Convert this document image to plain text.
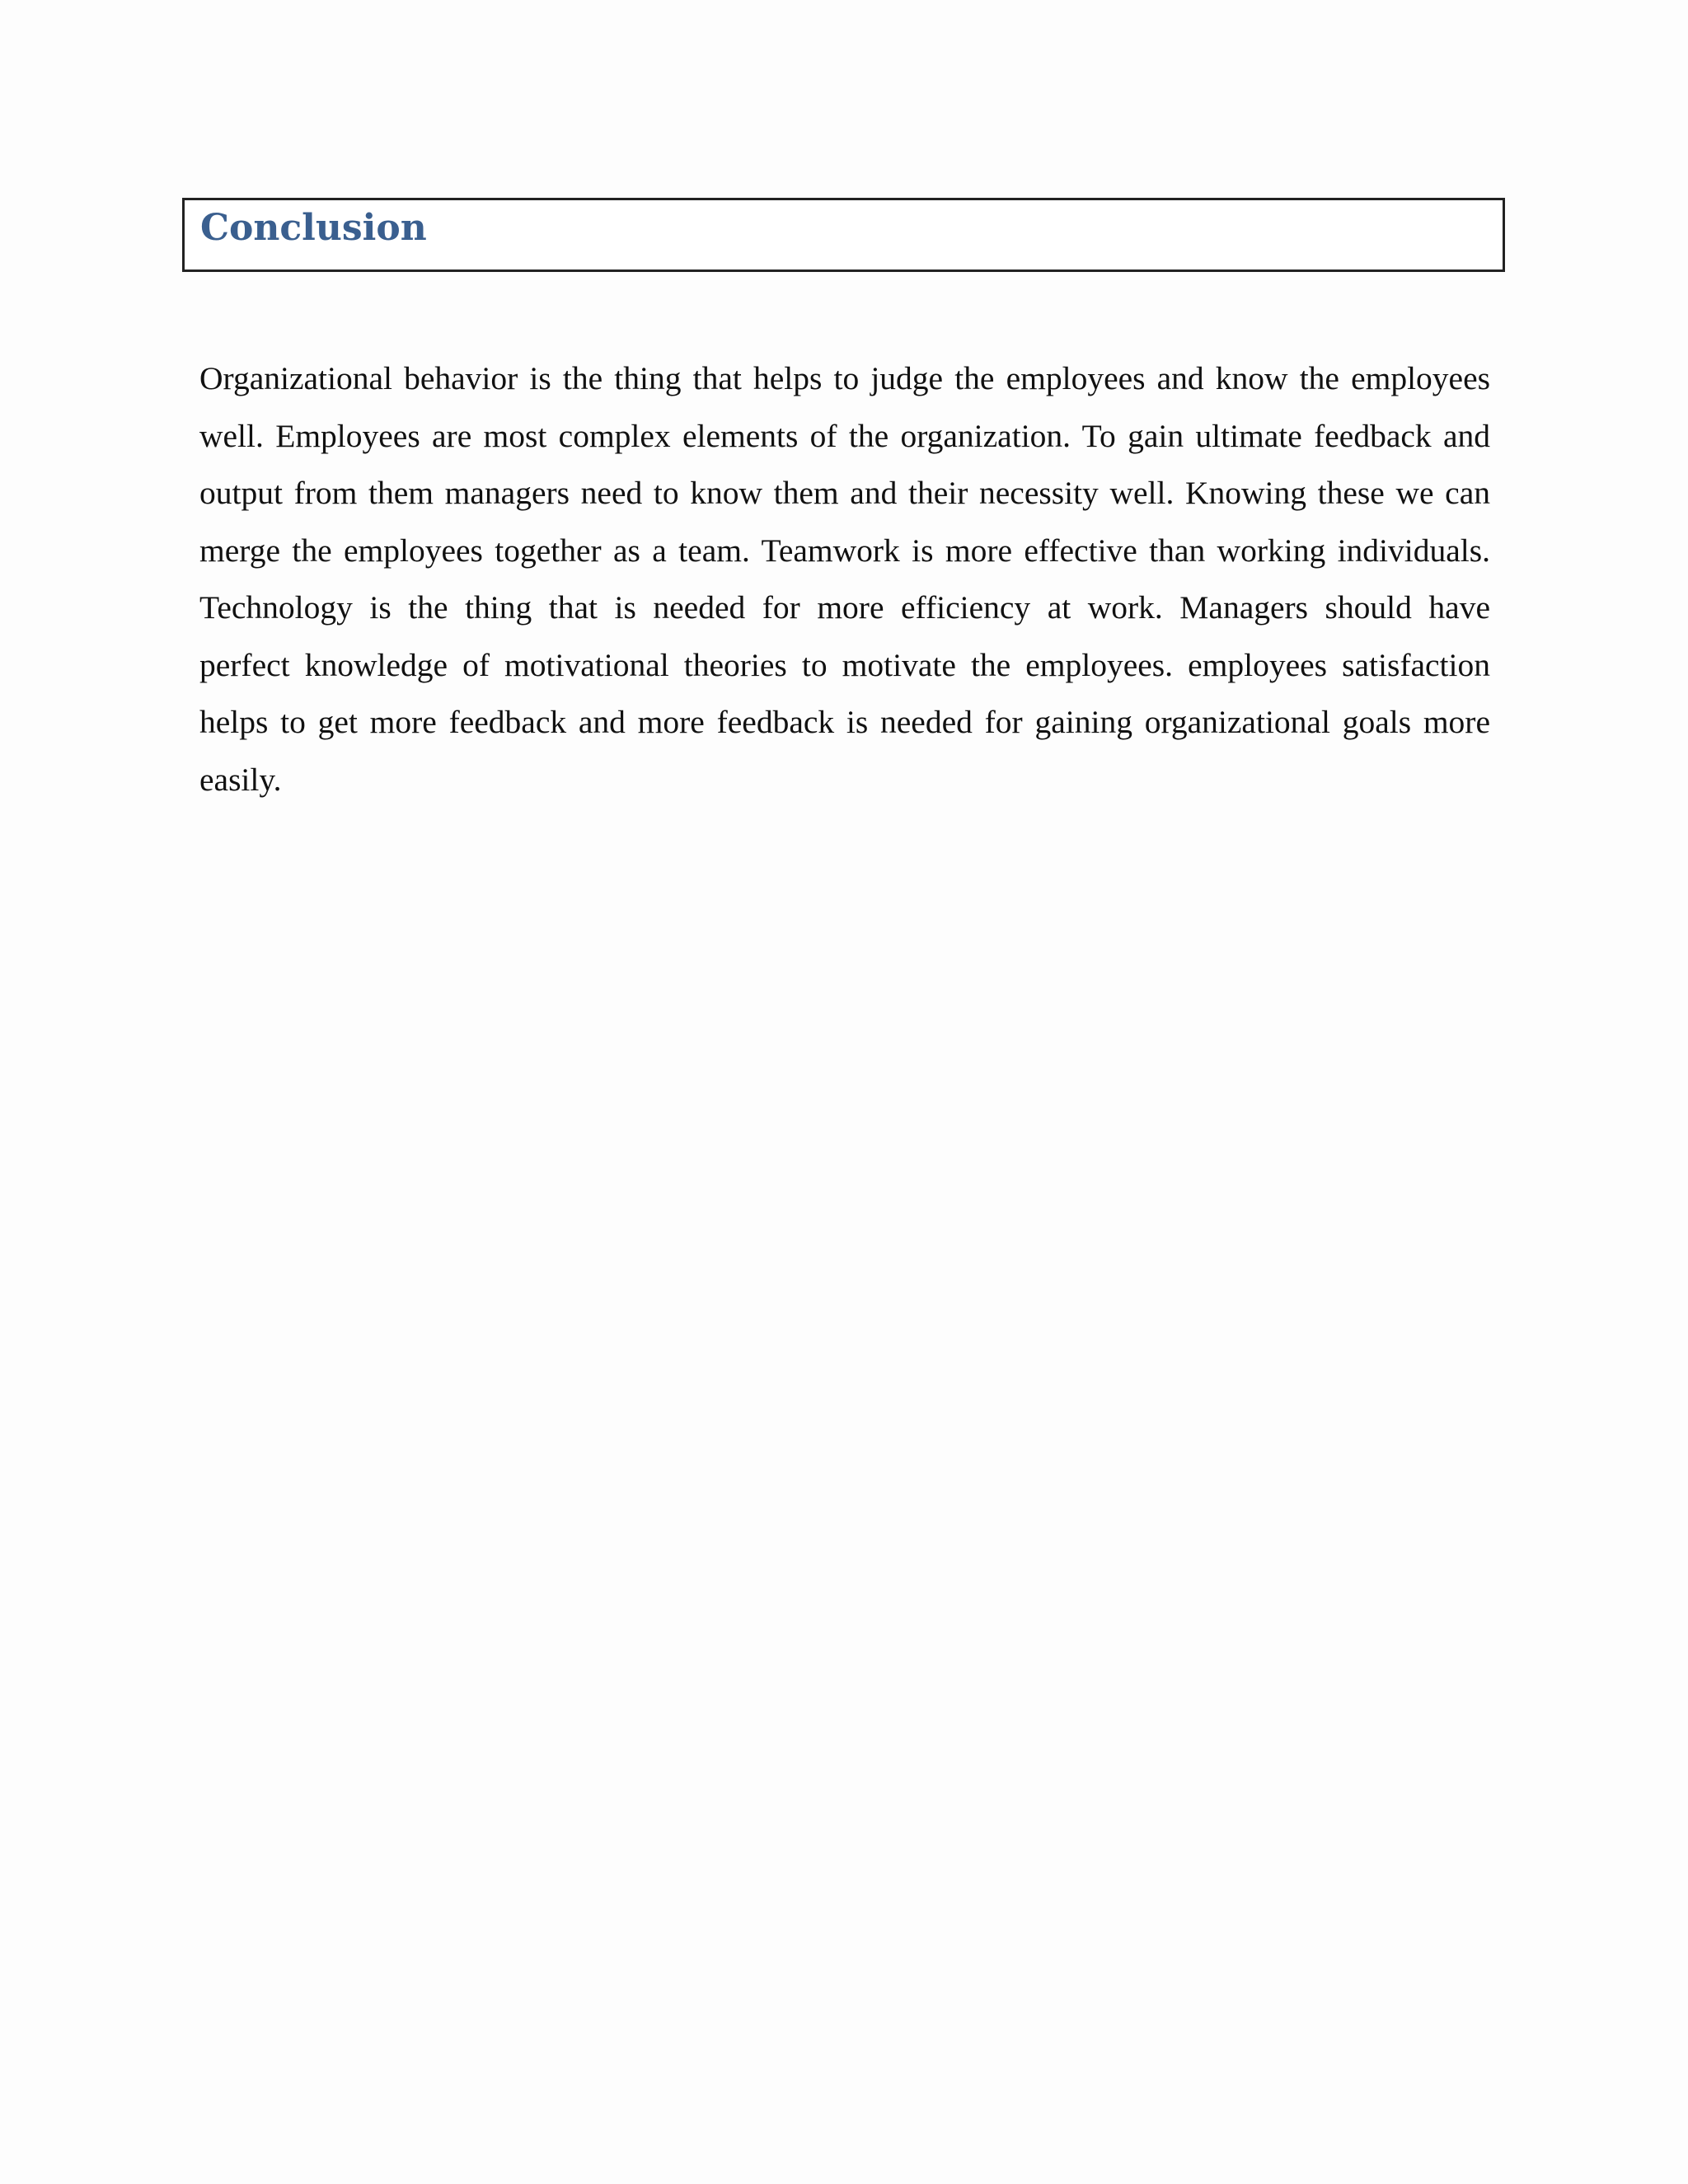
Conclusion

Organizational behavior is the thing that helps to judge the employees and know the employees well. Employees are most complex elements of the organization. To gain ultimate feedback and output from them managers need to know them and their necessity well. Knowing these we can merge the employees together as a team. Teamwork is more effective than working individuals. Technology is the thing that is needed for more efficiency at work. Managers should have perfect knowledge of motivational theories to motivate the employees. employees satisfaction helps to get more feedback and more feedback is needed for gaining organizational goals more easily.
